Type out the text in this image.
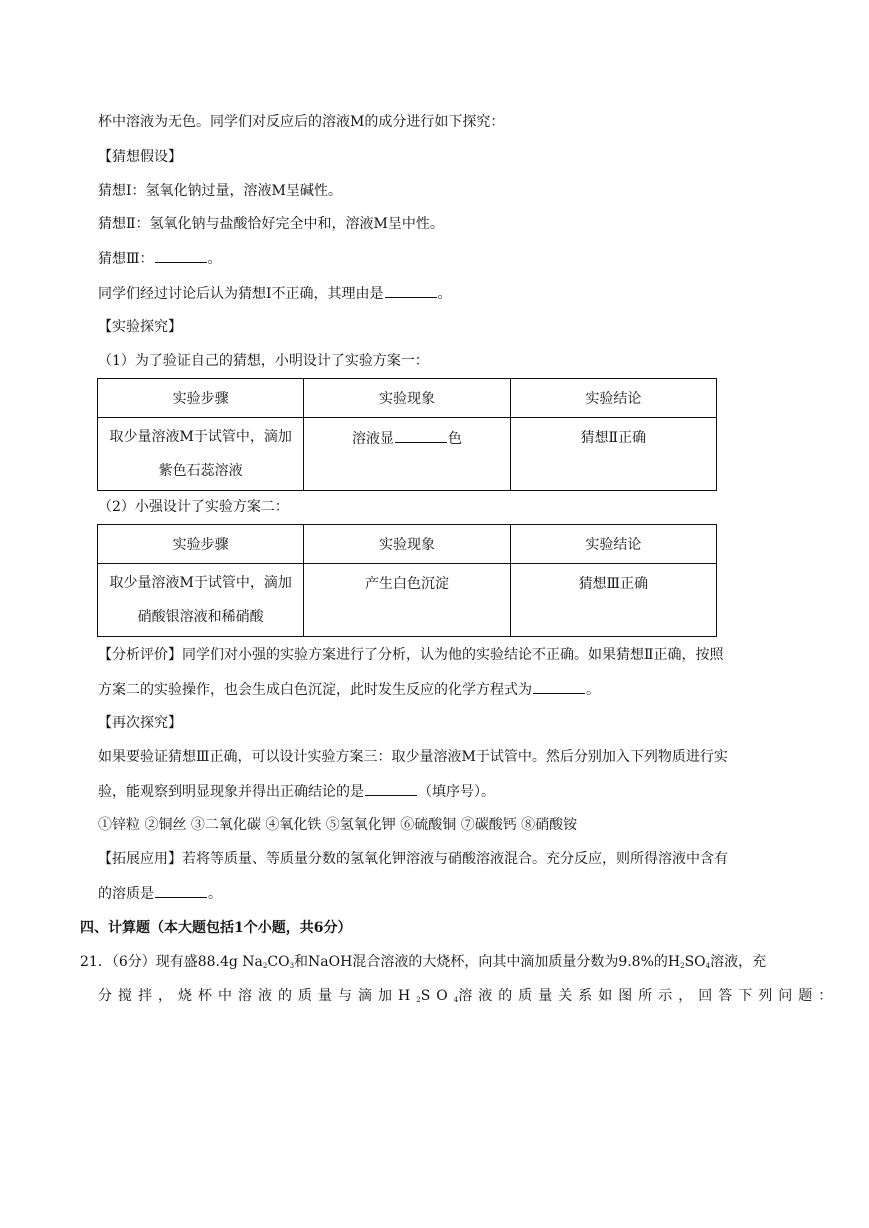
杯中溶液为无色。同学们对反应后的溶液M的成分进行如下探究：
【猜想假设】
猜想Ⅰ：氢氧化钠过量，溶液M呈碱性。
猜想Ⅱ：氢氧化钠与盐酸恰好完全中和，溶液M呈中性。
猜想Ⅲ：	。
同学们经过讨论后认为猜想Ⅰ不正确，其理由是	。
【实验探究】
（1）为了验证自己的猜想，小明设计了实验方案一：
实验步骤	实验现象	实验结论

取少量溶液M于试管中，滴加
紫色石蕊溶液	溶液显 色	猜想Ⅱ正确
（2）小强设计了实验方案二：
实验步骤	实验现象	实验结论

取少量溶液M于试管中，滴加
硝酸银溶液和稀硝酸	产生白色沉淀	猜想Ⅲ正确
【分析评价】同学们对小强的实验方案进行了分析，认为他的实验结论不正确。如果猜想Ⅱ正确，按照
方案二的实验操作，也会生成白色沉淀，此时发生反应的化学方程式为	。
【再次探究】
如果要验证猜想Ⅲ正确，可以设计实验方案三：取少量溶液M于试管中。然后分别加入下列物质进行实
验，能观察到明显现象并得出正确结论的是	（填序号）。
①锌粒 ②铜丝 ③二氧化碳 ④氧化铁 ⑤氢氧化钾 ⑥硫酸铜 ⑦碳酸钙 ⑧硝酸铵
【拓展应用】若将等质量、等质量分数的氢氧化钾溶液与硝酸溶液混合。充分反应，则所得溶液中含有
的溶质是	。
四、计算题（本大题包括1个小题，共6分）
21．（6分）现有盛88.4g $Na_2CO_3$和NaOH混合溶液的大烧杯，向其中滴加质量分数为9.8%的$H_2SO_4$溶液，充
分搅拌，烧杯中溶液的质量与滴加$H_2SO_4$溶液的质量关系如图所示，回答下列问题：
